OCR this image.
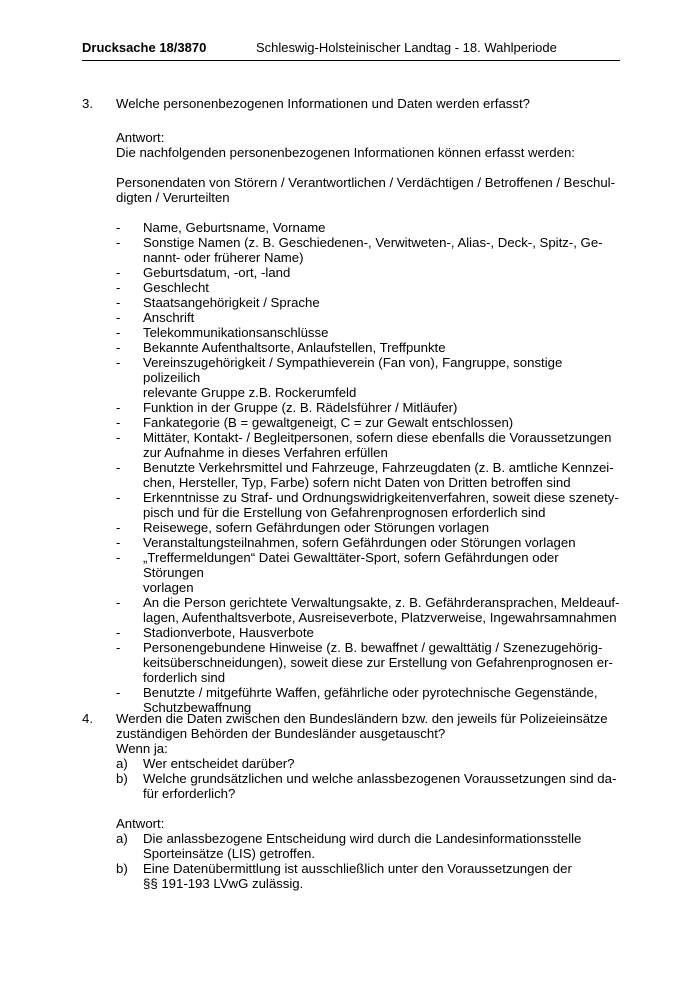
Drucksache 18/3870	Schleswig-Holsteinischer Landtag - 18. Wahlperiode
3. Welche personenbezogenen Informationen und Daten werden erfasst?
Antwort:
Die nachfolgenden personenbezogenen Informationen können erfasst werden:
Personendaten von Störern / Verantwortlichen / Verdächtigen / Betroffenen / Beschul-
digten / Verurteilten
- Name, Geburtsname, Vorname
- Sonstige Namen (z. B. Geschiedenen-, Verwitweten-, Alias-, Deck-, Spitz-, Ge-
nannt- oder früherer Name)
- Geburtsdatum, -ort, -land
- Geschlecht
- Staatsangehörigkeit / Sprache
- Anschrift
- Telekommunikationsanschlüsse
- Bekannte Aufenthaltsorte, Anlaufstellen, Treffpunkte
- Vereinszugehörigkeit / Sympathieverein (Fan von), Fangruppe, sonstige polizeilich
relevante Gruppe z.B. Rockerumfeld
- Funktion in der Gruppe (z. B. Rädelsführer / Mitläufer)
- Fankategorie (B = gewaltgeneigt, C = zur Gewalt entschlossen)
- Mittäter, Kontakt- / Begleitpersonen, sofern diese ebenfalls die Voraussetzungen
zur Aufnahme in dieses Verfahren erfüllen
- Benutzte Verkehrsmittel und Fahrzeuge, Fahrzeugdaten (z. B. amtliche Kennzei-
chen, Hersteller, Typ, Farbe) sofern nicht Daten von Dritten betroffen sind
- Erkenntnisse zu Straf- und Ordnungswidrigkeitenverfahren, soweit diese szenety-
pisch und für die Erstellung von Gefahrenprognosen erforderlich sind
- Reisewege, sofern Gefährdungen oder Störungen vorlagen
- Veranstaltungsteilnahmen, sofern Gefährdungen oder Störungen vorlagen
- „Treffermeldungen“ Datei Gewalttäter-Sport, sofern Gefährdungen oder Störungen
vorlagen
- An die Person gerichtete Verwaltungsakte, z. B. Gefährderansprachen, Meldeauf-
lagen, Aufenthaltsverbote, Ausreiseverbote, Platzverweise, Ingewahrsamnahmen
- Stadionverbote, Hausverbote
- Personengebundene Hinweise (z. B. bewaffnet / gewalttätig / Szenezugehörig-
keitsüberschneidungen), soweit diese zur Erstellung von Gefahrenprognosen er-
forderlich sind
- Benutzte / mitgeführte Waffen, gefährliche oder pyrotechnische Gegenstände,
Schutzbewaffnung
4. Werden die Daten zwischen den Bundesländern bzw. den jeweils für Polizeieinsätze
zuständigen Behörden der Bundesländer ausgetauscht?
Wenn ja:
a) Wer entscheidet darüber?
b) Welche grundsätzlichen und welche anlassbezogenen Voraussetzungen sind da-
für erforderlich?
Antwort:
a) Die anlassbezogene Entscheidung wird durch die Landesinformationsstelle
Sporteinsätze (LIS) getroffen.
b) Eine Datenübermittlung ist ausschließlich unter den Voraussetzungen der
§§ 191-193 LVwG zulässig.
